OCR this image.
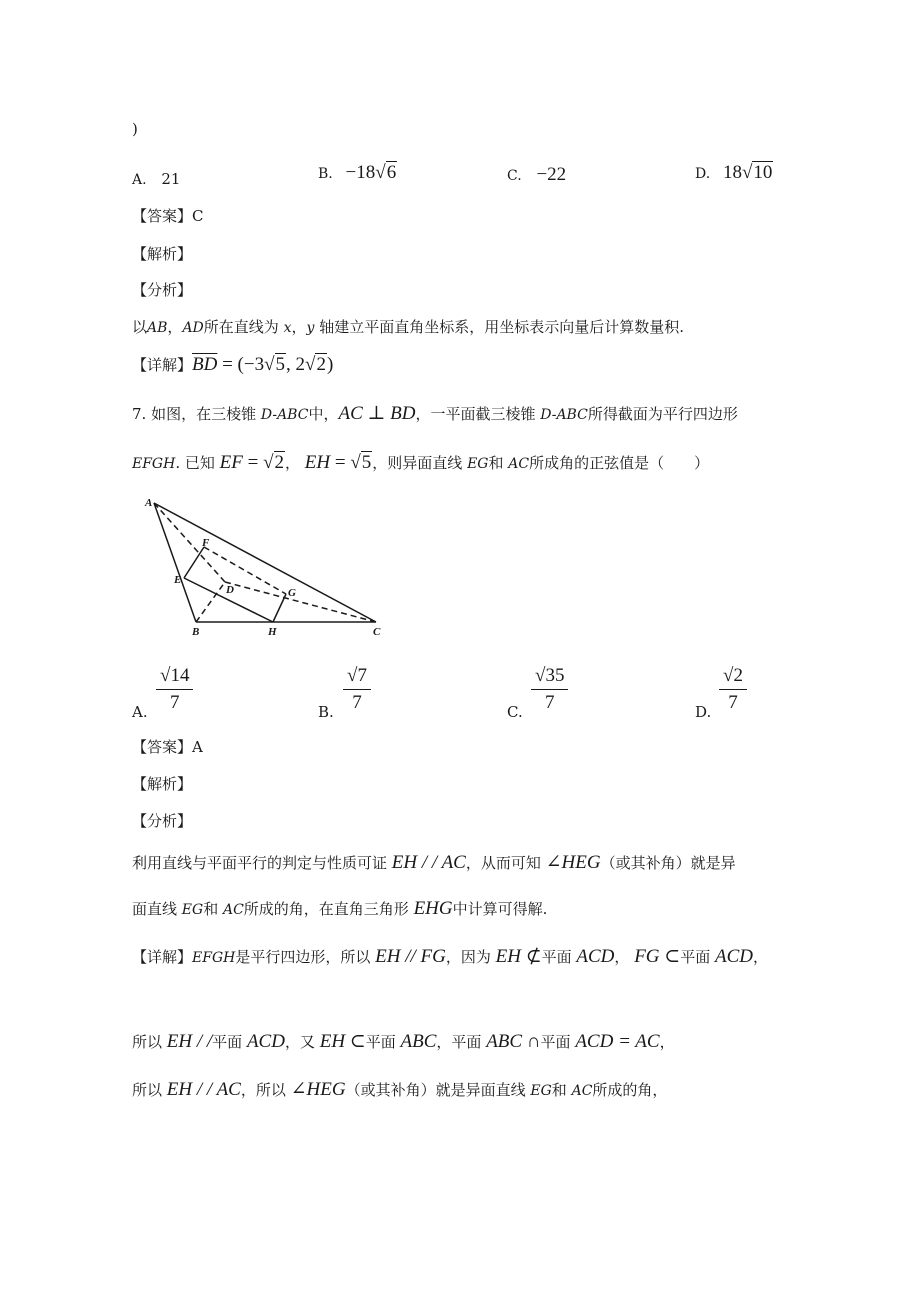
)
A. 21	B. −18√6	C. −22	D. 18√10
【答案】C
【解析】
【分析】
以AB，AD所在直线为 x，y 轴建立平面直角坐标系，用坐标表示向量后计算数量积.
【详解】$\overline{BD} = (-3√5$, 2√2)
7. 如图，在三棱锥 D-ABC中，AC ⊥ BD，一平面截三棱锥 D-ABC所得截面为平行四边形
EFGH. 已知 EF = √2， EH = √5，则异面直线 EG和 AC所成角的正弦值是（　　）
A
B	C
D
E
F
G
H
A. $\frac{√14}{7}$	B. $\frac{√7}{7}$	C. $\frac{√35}{7}$	D. $\frac{√2}{7}$
【答案】A
【解析】
【分析】
利用直线与平面平行的判定与性质可证 EH / / AC，从而可知 ∠HEG（或其补角）就是异
面直线 EG和 AC所成的角，在直角三角形 EHG中计算可得解.
【详解】EFGH是平行四边形，所以 EH // FG，因为 EH ⊄平面 ACD， FG ⊂平面 ACD，
所以 EH / /平面 ACD，又 EH ⊂平面 ABC，平面 ABC ∩平面 ACD = AC，
所以 EH / / AC，所以 ∠HEG（或其补角）就是异面直线 EG和 AC所成的角，
